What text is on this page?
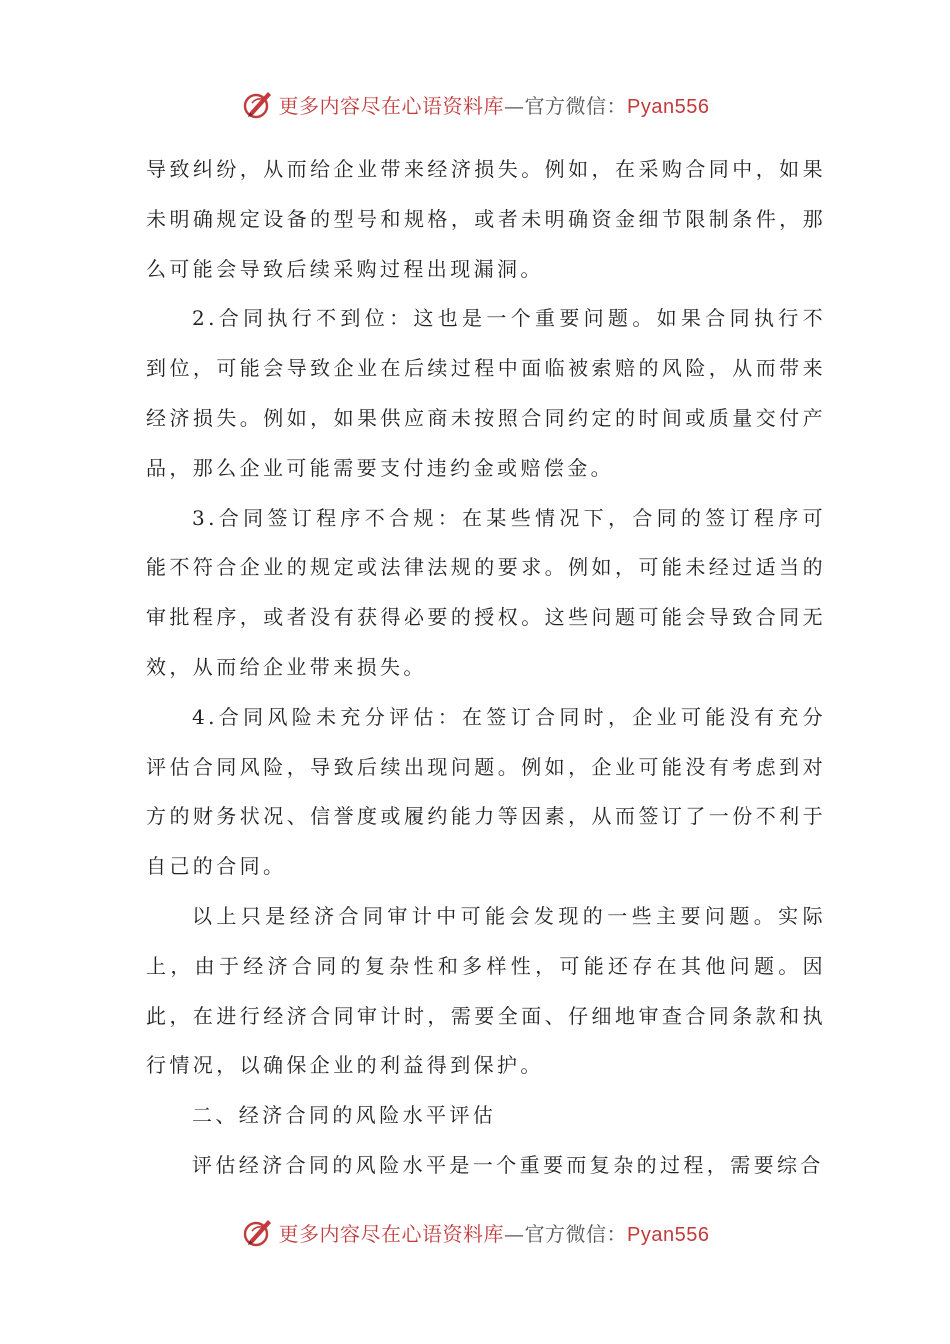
更多内容尽在心语资料库—官方微信：Pyan556

导致纠纷，从而给企业带来经济损失。例如，在采购合同中，如果未明确规定设备的型号和规格，或者未明确资金细节限制条件，那么可能会导致后续采购过程出现漏洞。

2.合同执行不到位：这也是一个重要问题。如果合同执行不到位，可能会导致企业在后续过程中面临被索赔的风险，从而带来经济损失。例如，如果供应商未按照合同约定的时间或质量交付产品，那么企业可能需要支付违约金或赔偿金。

3.合同签订程序不合规：在某些情况下，合同的签订程序可能不符合企业的规定或法律法规的要求。例如，可能未经过适当的审批程序，或者没有获得必要的授权。这些问题可能会导致合同无效，从而给企业带来损失。

4.合同风险未充分评估：在签订合同时，企业可能没有充分评估合同风险，导致后续出现问题。例如，企业可能没有考虑到对方的财务状况、信誉度或履约能力等因素，从而签订了一份不利于自己的合同。

以上只是经济合同审计中可能会发现的一些主要问题。实际上，由于经济合同的复杂性和多样性，可能还存在其他问题。因此，在进行经济合同审计时，需要全面、仔细地审查合同条款和执行情况，以确保企业的利益得到保护。

二、经济合同的风险水平评估

评估经济合同的风险水平是一个重要而复杂的过程，需要综合

更多内容尽在心语资料库—官方微信：Pyan556
